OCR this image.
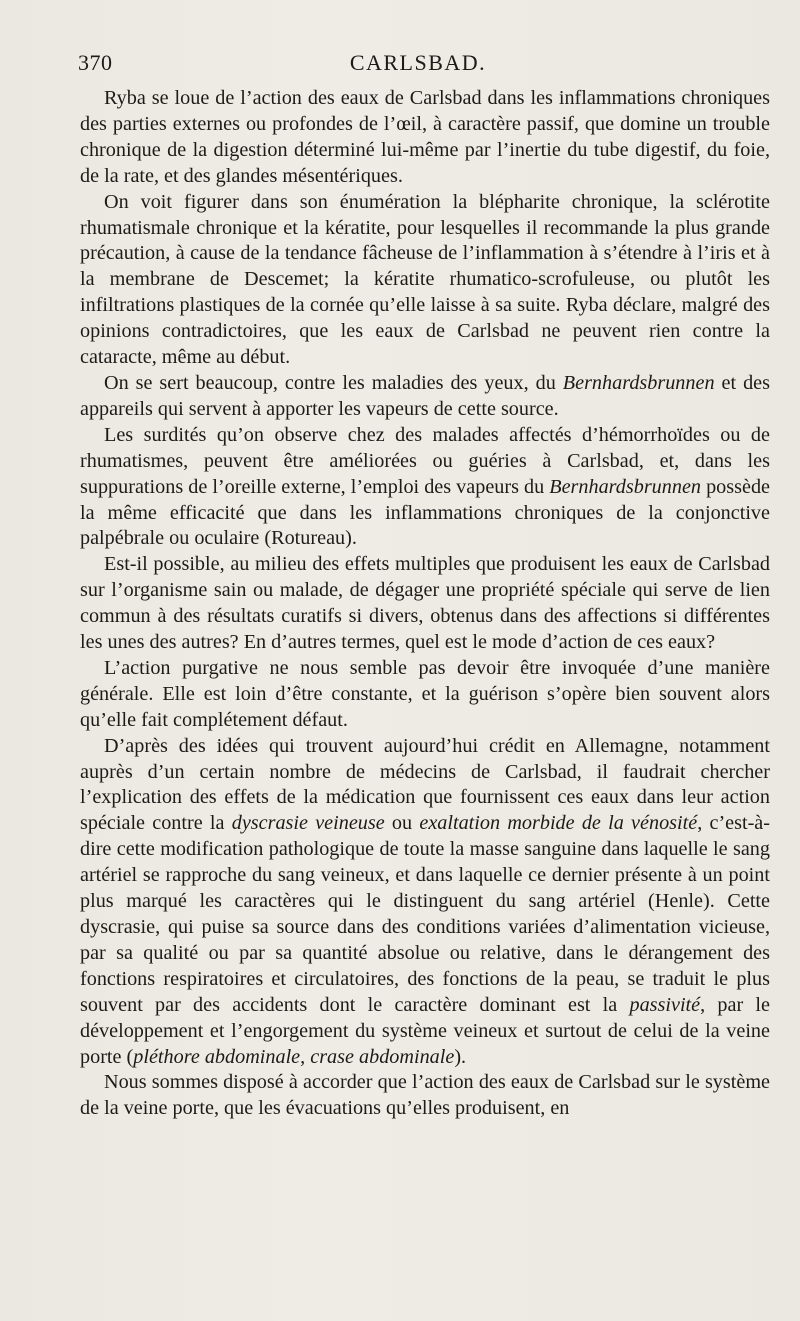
370	CARLSBAD.

Ryba se loue de l’action des eaux de Carlsbad dans les inflammations chroniques des parties externes ou profondes de l’œil, à caractère passif, que domine un trouble chronique de la digestion déterminé lui-même par l’inertie du tube digestif, du foie, de la rate, et des glandes mésentériques.

On voit figurer dans son énumération la blépharite chronique, la sclérotite rhumatismale chronique et la kératite, pour lesquelles il recommande la plus grande précaution, à cause de la tendance fâcheuse de l’inflammation à s’étendre à l’iris et à la membrane de Descemet; la kératite rhumatico-scrofuleuse, ou plutôt les infiltrations plastiques de la cornée qu’elle laisse à sa suite. Ryba déclare, malgré des opinions contradictoires, que les eaux de Carlsbad ne peuvent rien contre la cataracte, même au début.

On se sert beaucoup, contre les maladies des yeux, du Bernhardsbrunnen et des appareils qui servent à apporter les vapeurs de cette source.

Les surdités qu’on observe chez des malades affectés d’hémorrhoïdes ou de rhumatismes, peuvent être améliorées ou guéries à Carlsbad, et, dans les suppurations de l’oreille externe, l’emploi des vapeurs du Bernhardsbrunnen possède la même efficacité que dans les inflammations chroniques de la conjonctive palpébrale ou oculaire (Rotureau).

Est-il possible, au milieu des effets multiples que produisent les eaux de Carlsbad sur l’organisme sain ou malade, de dégager une propriété spéciale qui serve de lien commun à des résultats curatifs si divers, obtenus dans des affections si différentes les unes des autres? En d’autres termes, quel est le mode d’action de ces eaux?

L’action purgative ne nous semble pas devoir être invoquée d’une manière générale. Elle est loin d’être constante, et la guérison s’opère bien souvent alors qu’elle fait complétement défaut.

D’après des idées qui trouvent aujourd’hui crédit en Allemagne, notamment auprès d’un certain nombre de médecins de Carlsbad, il faudrait chercher l’explication des effets de la médication que fournissent ces eaux dans leur action spéciale contre la dyscrasie veineuse ou exaltation morbide de la vénosité, c’est-à-dire cette modification pathologique de toute la masse sanguine dans laquelle le sang artériel se rapproche du sang veineux, et dans laquelle ce dernier présente à un point plus marqué les caractères qui le distinguent du sang artériel (Henle). Cette dyscrasie, qui puise sa source dans des conditions variées d’alimentation vicieuse, par sa qualité ou par sa quantité absolue ou relative, dans le dérangement des fonctions respiratoires et circulatoires, des fonctions de la peau, se traduit le plus souvent par des accidents dont le caractère dominant est la passivité, par le développement et l’engorgement du système veineux et surtout de celui de la veine porte (pléthore abdominale, crase abdominale).

Nous sommes disposé à accorder que l’action des eaux de Carlsbad sur le système de la veine porte, que les évacuations qu’elles produisent, en
